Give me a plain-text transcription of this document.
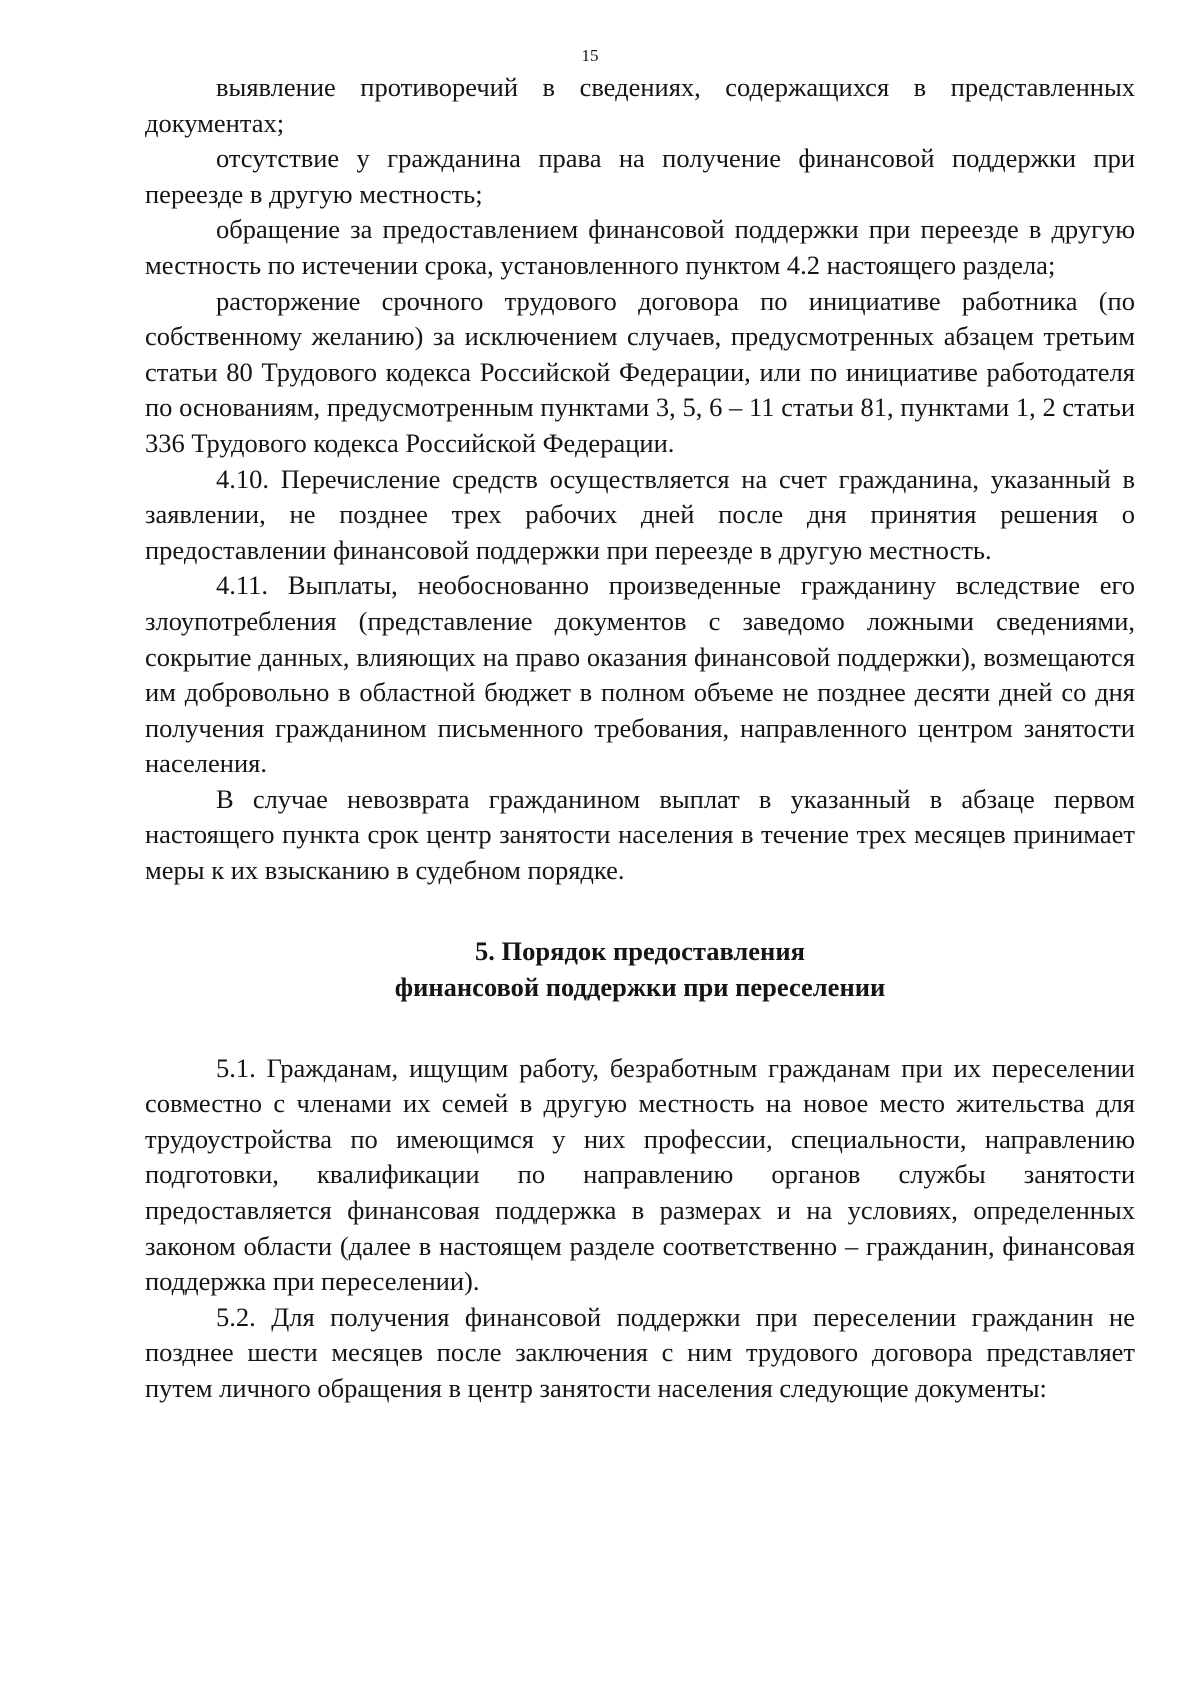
15

выявление противоречий в сведениях, содержащихся в представленных документах;

отсутствие у гражданина права на получение финансовой поддержки при переезде в другую местность;

обращение за предоставлением финансовой поддержки при переезде в другую местность по истечении срока, установленного пунктом 4.2 настоящего раздела;

расторжение срочного трудового договора по инициативе работника (по собственному желанию) за исключением случаев, предусмотренных абзацем третьим статьи 80 Трудового кодекса Российской Федерации, или по инициативе работодателя по основаниям, предусмотренным пунктами 3, 5, 6 – 11 статьи 81, пунктами 1, 2 статьи 336 Трудового кодекса Российской Федерации.

4.10. Перечисление средств осуществляется на счет гражданина, указанный в заявлении, не позднее трех рабочих дней после дня принятия решения о предоставлении финансовой поддержки при переезде в другую местность.

4.11. Выплаты, необоснованно произведенные гражданину вследствие его злоупотребления (представление документов с заведомо ложными сведениями, сокрытие данных, влияющих на право оказания финансовой поддержки), возмещаются им добровольно в областной бюджет в полном объеме не позднее десяти дней со дня получения гражданином письменного требования, направленного центром занятости населения.

В случае невозврата гражданином выплат в указанный в абзаце первом настоящего пункта срок центр занятости населения в течение трех месяцев принимает меры к их взысканию в судебном порядке.

5. Порядок предоставления
финансовой поддержки при переселении

5.1. Гражданам, ищущим работу, безработным гражданам при их переселении совместно с членами их семей в другую местность на новое место жительства для трудоустройства по имеющимся у них профессии, специальности, направлению подготовки, квалификации по направлению органов службы занятости предоставляется финансовая поддержка в размерах и на условиях, определенных законом области (далее в настоящем разделе соответственно – гражданин, финансовая поддержка при переселении).

5.2. Для получения финансовой поддержки при переселении гражданин не позднее шести месяцев после заключения с ним трудового договора представляет путем личного обращения в центр занятости населения следующие документы:
